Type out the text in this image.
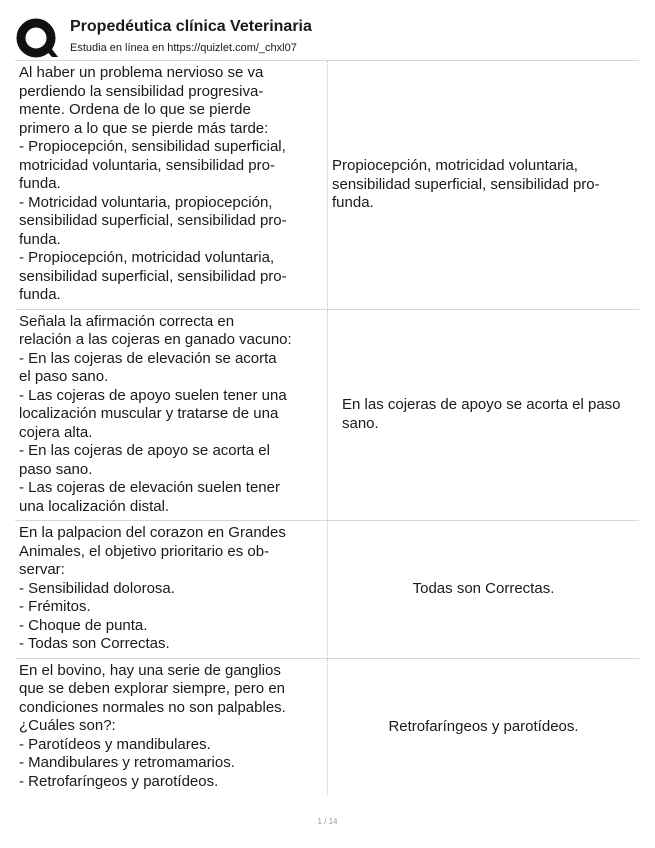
Propedéutica clínica Veterinaria
Estudia en línea en https://quizlet.com/_chxl07
Al haber un problema nervioso se va
perdiendo la sensibilidad progresiva-
mente. Ordena de lo que se pierde
primero a lo que se pierde más tarde:
- Propiocepción, sensibilidad superficial,
motricidad voluntaria, sensibilidad pro-
funda.
- Motricidad voluntaria, propiocepción,
sensibilidad superficial, sensibilidad pro-
funda.
- Propiocepción, motricidad voluntaria,
sensibilidad superficial, sensibilidad pro-
funda.
Propiocepción, motricidad voluntaria, sensibilidad superficial, sensibilidad pro-funda.
Señala la afirmación correcta en
relación a las cojeras en ganado vacuno:
- En las cojeras de elevación se acorta
el paso sano.
- Las cojeras de apoyo suelen tener una
localización muscular y tratarse de una
cojera alta.
- En las cojeras de apoyo se acorta el
paso sano.
- Las cojeras de elevación suelen tener
una localización distal.
En las cojeras de apoyo se acorta el paso sano.
En la palpacion del corazon en Grandes
Animales, el objetivo prioritario es ob-
servar:
- Sensibilidad dolorosa.
- Frémitos.
- Choque de punta.
- Todas son Correctas.
Todas son Correctas.
En el bovino, hay una serie de ganglios
que se deben explorar siempre, pero en
condiciones normales no son palpables.
¿Cuáles son?:
- Parotídeos y mandibulares.
- Mandibulares y retromamarios.
- Retrofaríngeos y parotídeos.
Retrofaríngeos y parotídeos.
1 / 14
